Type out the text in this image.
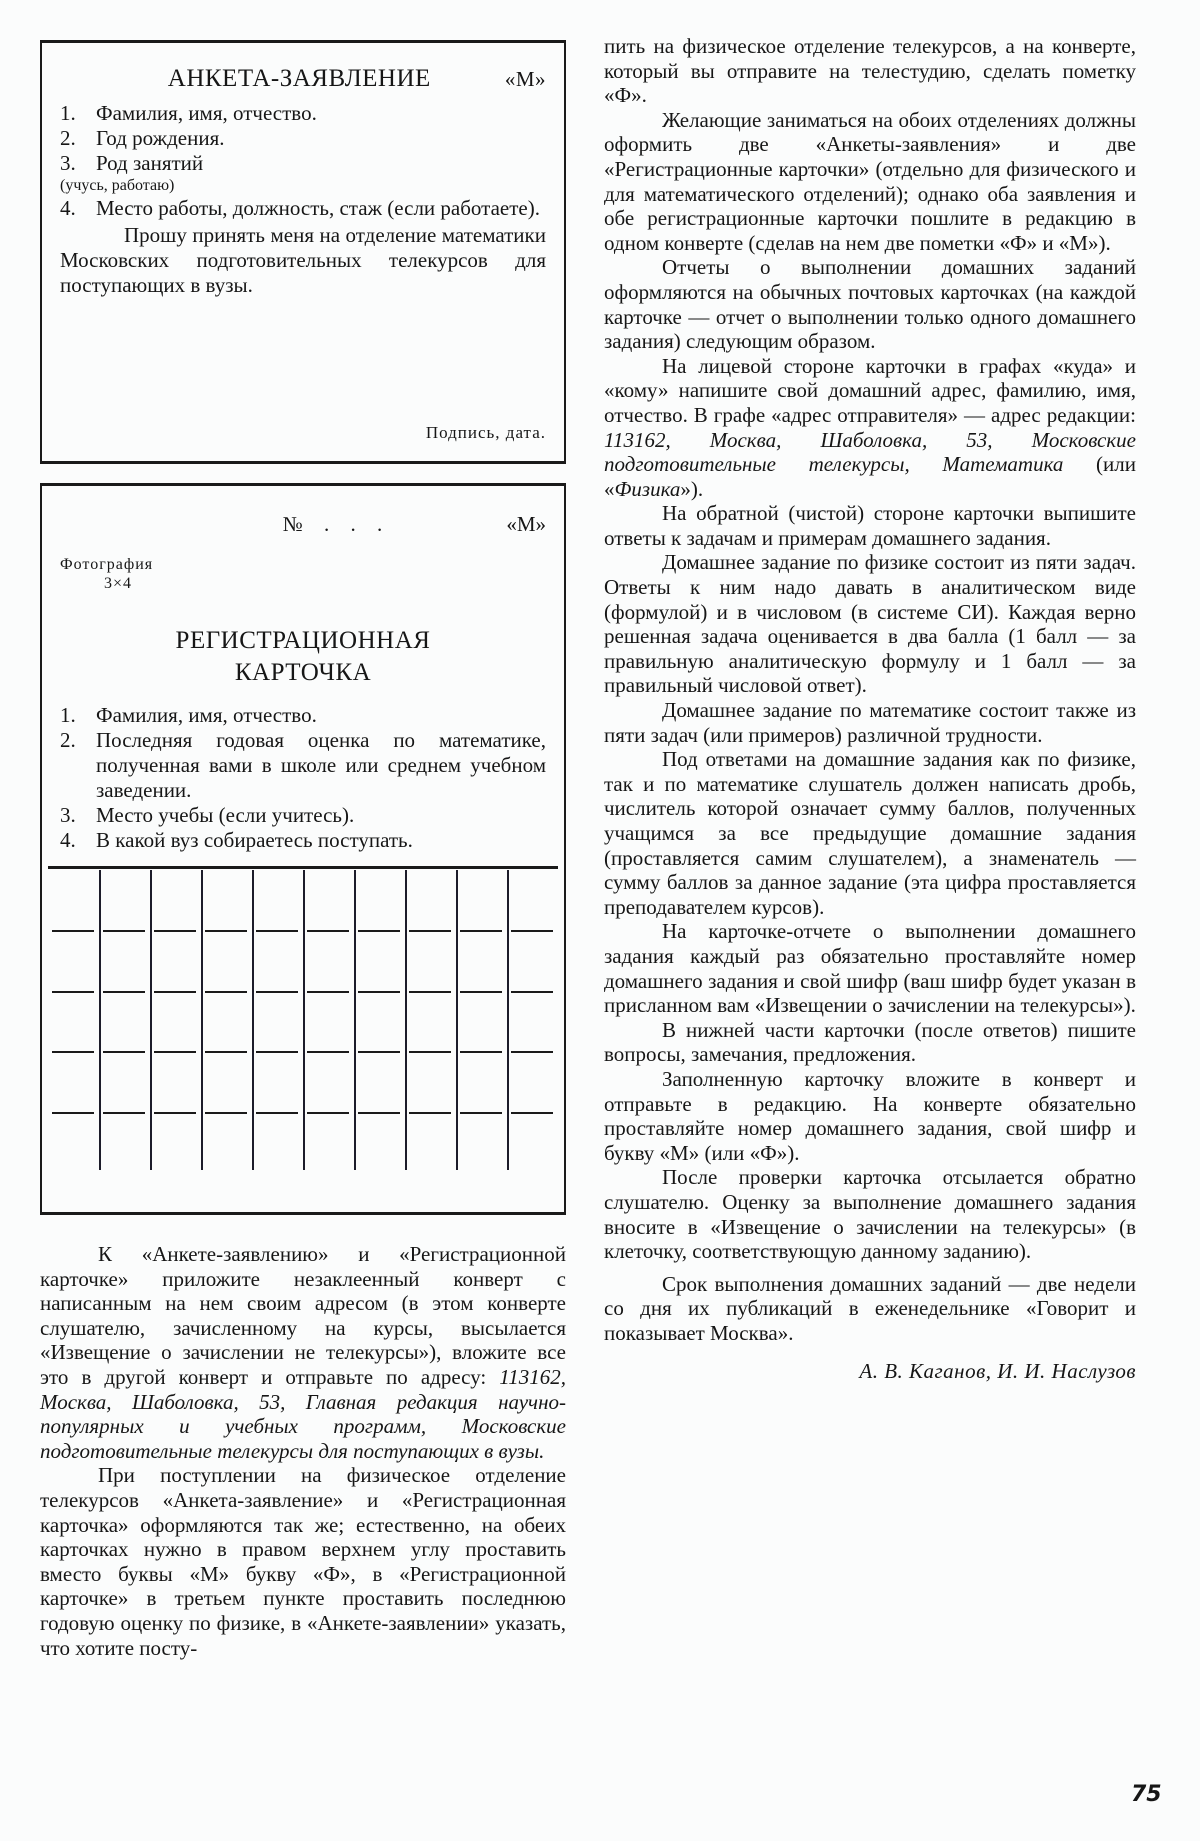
АНКЕТА-ЗАЯВЛЕНИЕ	«М»
1. Фамилия, имя, отчество.
2. Год рождения.
3. Род занятий
(учусь, работаю)
4. Место работы, должность, стаж (если работаете).

Прошу принять меня на отделение математики Московских подготовительных телекурсов для поступающих в вузы.

Подпись, дата.
№ . . .	«М»
Фотография
3×4
РЕГИСТРАЦИОННАЯ
КАРТОЧКА
1. Фамилия, имя, отчество.
2. Последняя годовая оценка по математике, полученная вами в школе или среднем учебном заведении.
3. Место учебы (если учитесь).
4. В какой вуз собираетесь поступать.

К «Анкете-заявлению» и «Регистрационной карточке» приложите незаклеенный конверт с написанным на нем своим адресом (в этом конверте слушателю, зачисленному на курсы, высылается «Извещение о зачислении не телекурсы»), вложите все это в другой конверт и отправьте по адресу: 113162, Москва, Шаболовка, 53, Главная редакция научно-популярных и учебных программ, Московские подготовительные телекурсы для поступающих в вузы.

При поступлении на физическое отделение телекурсов «Анкета-заявление» и «Регистрационная карточка» оформляются так же; естественно, на обеих карточках нужно в правом верхнем углу проставить вместо буквы «М» букву «Ф», в «Регистрационной карточке» в третьем пункте проставить последнюю годовую оценку по физике, в «Анкете-заявлении» указать, что хотите посту-

пить на физическое отделение телекурсов, а на конверте, который вы отправите на телестудию, сделать пометку «Ф».

Желающие заниматься на обоих отделениях должны оформить две «Анкеты-заявления» и две «Регистрационные карточки» (отдельно для физического и для математического отделений); однако оба заявления и обе регистрационные карточки пошлите в редакцию в одном конверте (сделав на нем две пометки «Ф» и «М»).

Отчеты о выполнении домашних заданий оформляются на обычных почтовых карточках (на каждой карточке — отчет о выполнении только одного домашнего задания) следующим образом.

На лицевой стороне карточки в графах «куда» и «кому» напишите свой домашний адрес, фамилию, имя, отчество. В графе «адрес отправителя» — адрес редакции: 113162, Москва, Шаболовка, 53, Московские подготовительные телекурсы, Математика (или «Физика»).

На обратной (чистой) стороне карточки выпишите ответы к задачам и примерам домашнего задания.

Домашнее задание по физике состоит из пяти задач. Ответы к ним надо давать в аналитическом виде (формулой) и в числовом (в системе СИ). Каждая верно решенная задача оценивается в два балла (1 балл — за правильную аналитическую формулу и 1 балл — за правильный числовой ответ).

Домашнее задание по математике состоит также из пяти задач (или примеров) различной трудности.

Под ответами на домашние задания как по физике, так и по математике слушатель должен написать дробь, числитель которой означает сумму баллов, полученных учащимся за все предыдущие домашние задания (проставляется самим слушателем), а знаменатель — сумму баллов за данное задание (эта цифра проставляется преподавателем курсов).

На карточке-отчете о выполнении домашнего задания каждый раз обязательно проставляйте номер домашнего задания и свой шифр (ваш шифр будет указан в присланном вам «Извещении о зачислении на телекурсы»).

В нижней части карточки (после ответов) пишите вопросы, замечания, предложения.

Заполненную карточку вложите в конверт и отправьте в редакцию. На конверте обязательно проставляйте номер домашнего задания, свой шифр и букву «М» (или «Ф»).

После проверки карточка отсылается обратно слушателю. Оценку за выполнение домашнего задания вносите в «Извещение о зачислении на телекурсы» (в клеточку, соответствующую данному заданию).

Срок выполнения домашних заданий — две недели со дня их публикаций в еженедельнике «Говорит и показывает Москва».

А. В. Каганов, И. И. Наслузов
75
